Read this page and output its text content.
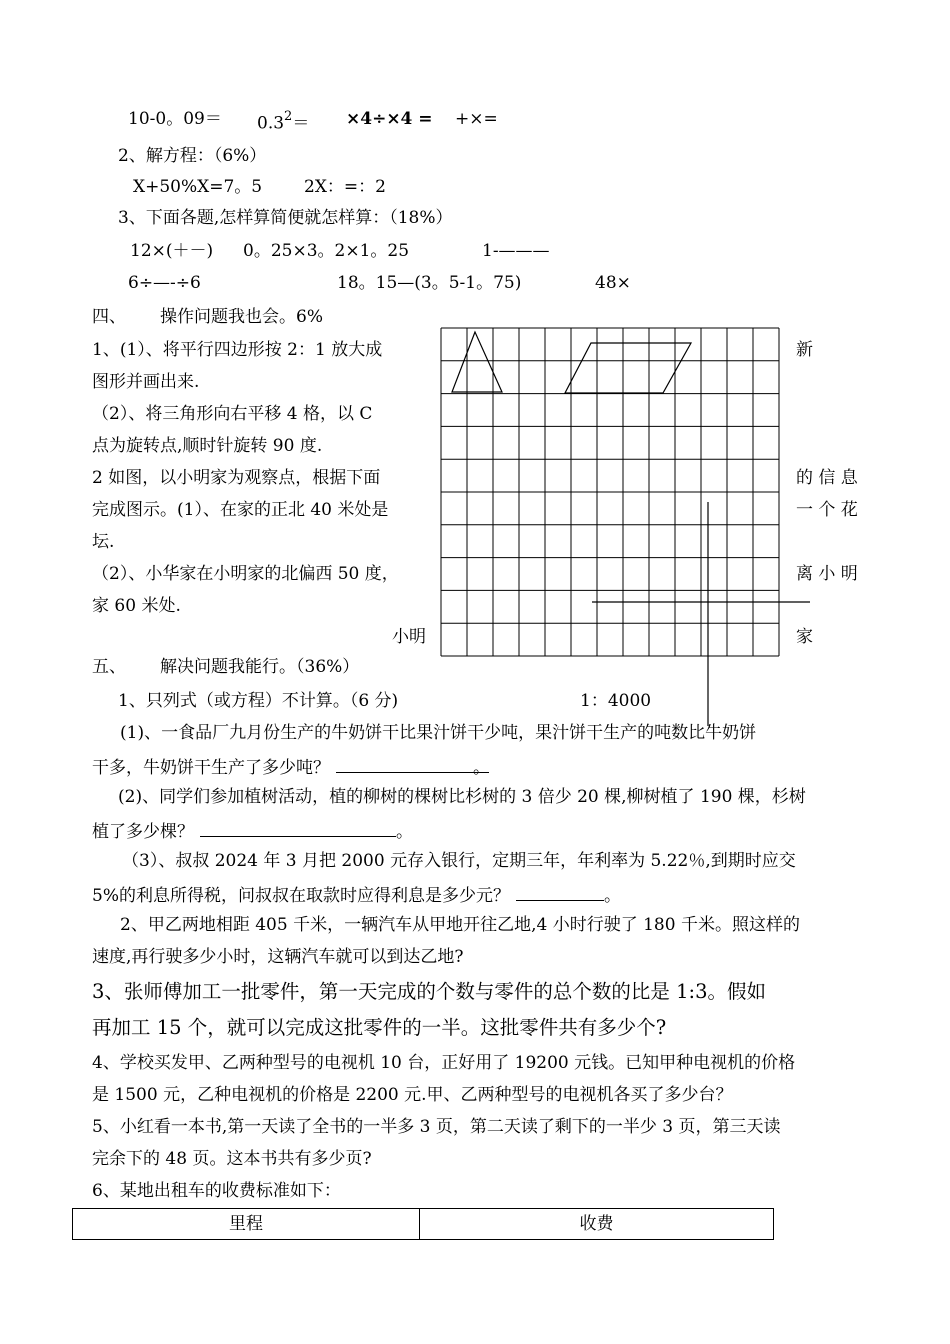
10-0。$09= 0.3^2= \times 4\div\times 4$ = +×=
2、解方程：（6%）
X+50%X=7。5 2X：=：2
3、下面各题,怎样算简便就怎样算：（18%）
12×(＋－) 0。25×3。2×1。25	1-———
6÷—-÷6	18。15—(3。5-1。75)	48×
四、 操作问题我也会。6%
1、(1）、将平行四边形按 2：1 放大成
图形并画出来.
（2）、将三角形向右平移 4 格，以 C
点为旋转点,顺时针旋转 90 度.
2 如图，以小明家为观察点，根据下面
完成图示。(1）、在家的正北 40 米处是
坛.
（2）、小华家在小明家的北偏西 50 度，
家 60 米处.
新
的 信 息
一 个 花
离 小 明
家
小明
五、 解决问题我能行。（36%）
1、只列式（或方程）不计算。（6 分)	1：4000
(1)、一食品厂九月份生产的牛奶饼干比果汁饼干少吨，果汁饼干生产的吨数比牛奶饼
干多，牛奶饼干生产了多少吨？	。
(2)、同学们参加植树活动，植的柳树的棵树比杉树的 3 倍少 20 棵,柳树植了 190 棵，杉树
植了多少棵？	。
（3）、叔叔 2024 年 3 月把 2000 元存入银行，定期三年，年利率为 5.22％,到期时应交
5%的利息所得税，问叔叔在取款时应得利息是多少元？	。
2、甲乙两地相距 405 千米，一辆汽车从甲地开往乙地,4 小时行驶了 180 千米。照这样的
速度,再行驶多少小时，这辆汽车就可以到达乙地?
3、张师傅加工一批零件，第一天完成的个数与零件的总个数的比是 1:3。假如
再加工 15 个，就可以完成这批零件的一半。这批零件共有多少个?
4、学校买发甲、乙两种型号的电视机 10 台，正好用了 19200 元钱。已知甲种电视机的价格
是 1500 元，乙种电视机的价格是 2200 元.甲、乙两种型号的电视机各买了多少台？
5、小红看一本书,第一天读了全书的一半多 3 页，第二天读了剩下的一半少 3 页，第三天读
完余下的 48 页。这本书共有多少页?
6、某地出租车的收费标准如下：
里程	收费
